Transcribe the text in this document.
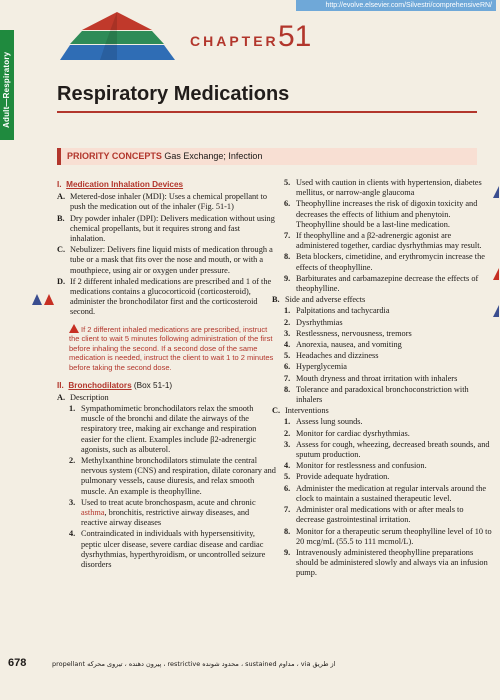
http://evolve.elsevier.com/Silvestri/comprehensiveRN/
Adult—Respiratory
CHAPTER 51
Respiratory Medications
PRIORITY CONCEPTS Gas Exchange; Infection
I. Medication Inhalation Devices
A. Metered-dose inhaler (MDI): Uses a chemical propellant to push the medication out of the inhaler (Fig. 51-1)
B. Dry powder inhaler (DPI): Delivers medication without using chemical propellants, but it requires strong and fast inhalation.
C. Nebulizer: Delivers fine liquid mists of medication through a tube or a mask that fits over the nose and mouth, or with a mouthpiece, using air or oxygen under pressure.
D. If 2 different inhaled medications are prescribed and 1 of the medications contains a glucocorticoid (corticosteroid), administer the bronchodilator first and the corticosteroid second.
If 2 different inhaled medications are prescribed, instruct the client to wait 5 minutes following administration of the first before inhaling the second. If a second dose of the same medication is needed, instruct the client to wait 1 to 2 minutes before taking the second dose.
II. Bronchodilators (Box 51-1)
A. Description
1. Sympathomimetic bronchodilators relax the smooth muscle of the bronchi and dilate the airways of the respiratory tree, making air exchange and respiration easier for the client. Examples include β2-adrenergic agonists, such as albuterol.
2. Methylxanthine bronchodilators stimulate the central nervous system (CNS) and respiration, dilate coronary and pulmonary vessels, cause diuresis, and relax smooth muscle. An example is theophylline.
3. Used to treat acute bronchospasm, acute and chronic asthma, bronchitis, restrictive airway diseases, and reactive airway diseases
4. Contraindicated in individuals with hypersensitivity, peptic ulcer disease, severe cardiac disease and cardiac dysrhythmias, hyperthyroidism, or uncontrolled seizure disorders
5. Used with caution in clients with hypertension, diabetes mellitus, or narrow-angle glaucoma
6. Theophylline increases the risk of digoxin toxicity and decreases the effects of lithium and phenytoin. Theophylline should be a last-line medication.
7. If theophylline and a β2-adrenergic agonist are administered together, cardiac dysrhythmias may result.
8. Beta blockers, cimetidine, and erythromycin increase the effects of theophylline.
9. Barbiturates and carbamazepine decrease the effects of theophylline.
B. Side and adverse effects
1. Palpitations and tachycardia
2. Dysrhythmias
3. Restlessness, nervousness, tremors
4. Anorexia, nausea, and vomiting
5. Headaches and dizziness
6. Hyperglycemia
7. Mouth dryness and throat irritation with inhalers
8. Tolerance and paradoxical bronchoconstriction with inhalers
C. Interventions
1. Assess lung sounds.
2. Monitor for cardiac dysrhythmias.
3. Assess for cough, wheezing, decreased breath sounds, and sputum production.
4. Monitor for restlessness and confusion.
5. Provide adequate hydration.
6. Administer the medication at regular intervals around the clock to maintain a sustained therapeutic level.
7. Administer oral medications with or after meals to decrease gastrointestinal irritation.
8. Monitor for a therapeutic serum theophylline level of 10 to 20 mcg/mL (55.5 to 111 mcmol/L).
9. Intravenously administered theophylline preparations should be administered slowly and always via an infusion pump.
678	propellant پیرون دهنده ، تیروی محرکه ، restrictive محدود شونده ، sustained مداوم ، via از طریق
